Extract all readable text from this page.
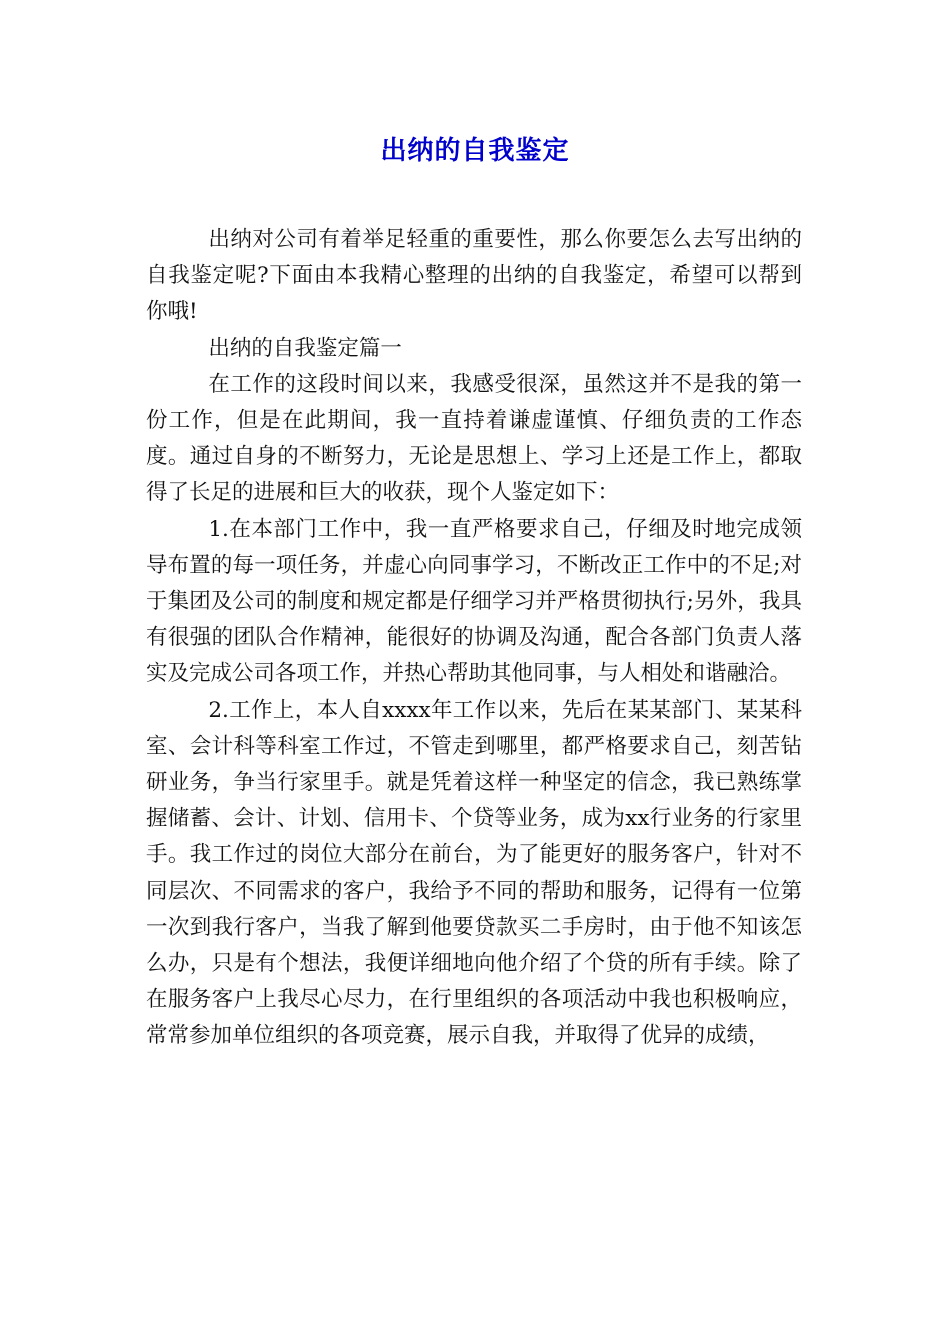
出纳的自我鉴定

出纳对公司有着举足轻重的重要性，那么你要怎么去写出纳的自我鉴定呢?下面由本我精心整理的出纳的自我鉴定，希望可以帮到你哦!

出纳的自我鉴定篇一

在工作的这段时间以来，我感受很深，虽然这并不是我的第一份工作，但是在此期间，我一直持着谦虚谨慎、仔细负责的工作态度。通过自身的不断努力，无论是思想上、学习上还是工作上，都取得了长足的进展和巨大的收获，现个人鉴定如下：

1.在本部门工作中，我一直严格要求自己，仔细及时地完成领导布置的每一项任务，并虚心向同事学习，不断改正工作中的不足;对于集团及公司的制度和规定都是仔细学习并严格贯彻执行;另外，我具有很强的团队合作精神，能很好的协调及沟通，配合各部门负责人落实及完成公司各项工作，并热心帮助其他同事，与人相处和谐融洽。

2.工作上，本人自xxxx年工作以来，先后在某某部门、某某科室、会计科等科室工作过，不管走到哪里，都严格要求自己，刻苦钻研业务，争当行家里手。就是凭着这样一种坚定的信念，我已熟练掌握储蓄、会计、计划、信用卡、个贷等业务，成为xx行业务的行家里手。我工作过的岗位大部分在前台，为了能更好的服务客户，针对不同层次、不同需求的客户，我给予不同的帮助和服务，记得有一位第一次到我行客户，当我了解到他要贷款买二手房时，由于他不知该怎么办，只是有个想法，我便详细地向他介绍了个贷的所有手续。除了在服务客户上我尽心尽力，在行里组织的各项活动中我也积极响应，常常参加单位组织的各项竞赛，展示自我，并取得了优异的成绩，
